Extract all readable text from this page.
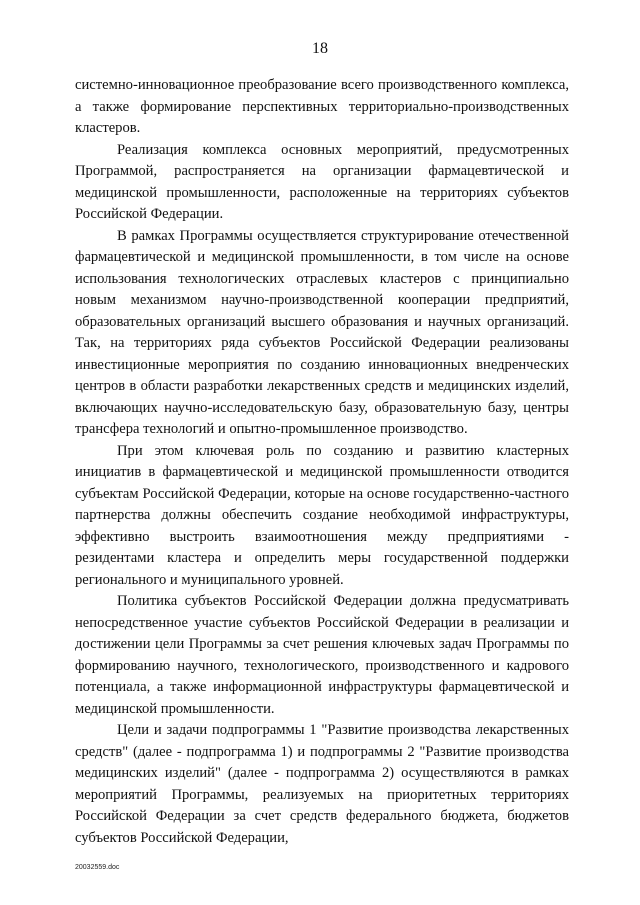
18

системно-инновационное преобразование всего производственного комплекса, а также формирование перспективных территориально-производственных кластеров.

Реализация комплекса основных мероприятий, предусмотренных Программой, распространяется на организации фармацевтической и медицинской промышленности, расположенные на территориях субъектов Российской Федерации.

В рамках Программы осуществляется структурирование отечественной фармацевтической и медицинской промышленности, в том числе на основе использования технологических отраслевых кластеров с принципиально новым механизмом научно-производственной кооперации предприятий, образовательных организаций высшего образования и научных организаций. Так, на территориях ряда субъектов Российской Федерации реализованы инвестиционные мероприятия по созданию инновационных внедренческих центров в области разработки лекарственных средств и медицинских изделий, включающих научно-исследовательскую базу, образовательную базу, центры трансфера технологий и опытно-промышленное производство.

При этом ключевая роль по созданию и развитию кластерных инициатив в фармацевтической и медицинской промышленности отводится субъектам Российской Федерации, которые на основе государственно-частного партнерства должны обеспечить создание необходимой инфраструктуры, эффективно выстроить взаимоотношения между предприятиями - резидентами кластера и определить меры государственной поддержки регионального и муниципального уровней.

Политика субъектов Российской Федерации должна предусматривать непосредственное участие субъектов Российской Федерации в реализации и достижении цели Программы за счет решения ключевых задач Программы по формированию научного, технологического, производственного и кадрового потенциала, а также информационной инфраструктуры фармацевтической и медицинской промышленности.

Цели и задачи подпрограммы 1 "Развитие производства лекарственных средств" (далее - подпрограмма 1) и подпрограммы 2 "Развитие производства медицинских изделий" (далее - подпрограмма 2) осуществляются в рамках мероприятий Программы, реализуемых на приоритетных территориях Российской Федерации за счет средств федерального бюджета, бюджетов субъектов Российской Федерации,

20032559.doc
